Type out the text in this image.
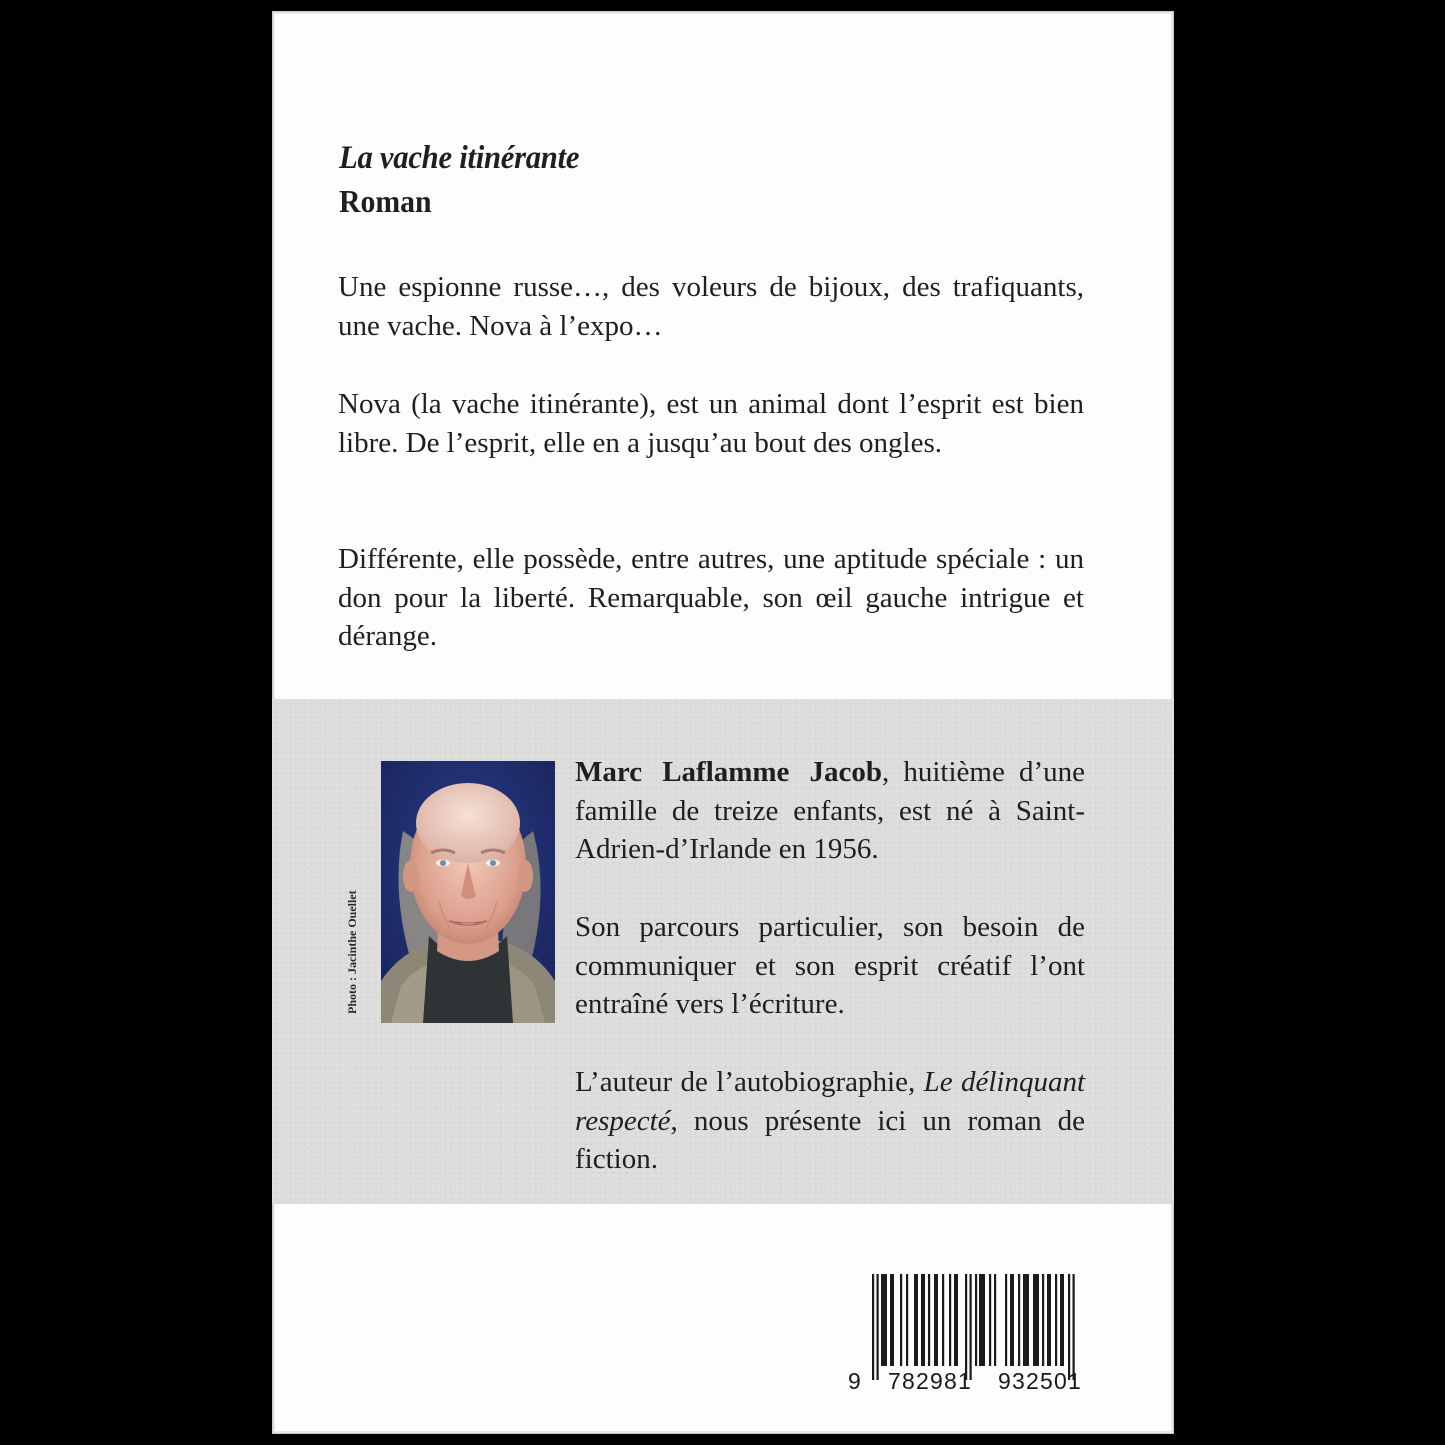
La vache itinérante
Roman

Une espionne russe…, des voleurs de bijoux, des trafiquants, une vache. Nova à l’expo…

Nova (la vache itinérante), est un animal dont l’esprit est bien libre. De l’esprit, elle en a jusqu’au bout des ongles.

Différente, elle possède, entre autres, une aptitude spéciale : un don pour la liberté. Remarquable, son œil gauche intrigue et dérange.

Photo : Jacinthe Ouellet

Marc Laflamme Jacob, huitième d’une famille de treize enfants, est né à Saint-Adrien-d’Irlande en 1956.

Son parcours particulier, son besoin de communiquer et son esprit créatif l’ont entraîné vers l’écriture.

L’auteur de l’autobiographie, Le délinquant respecté, nous présente ici un roman de fiction.

9 782981 932501
